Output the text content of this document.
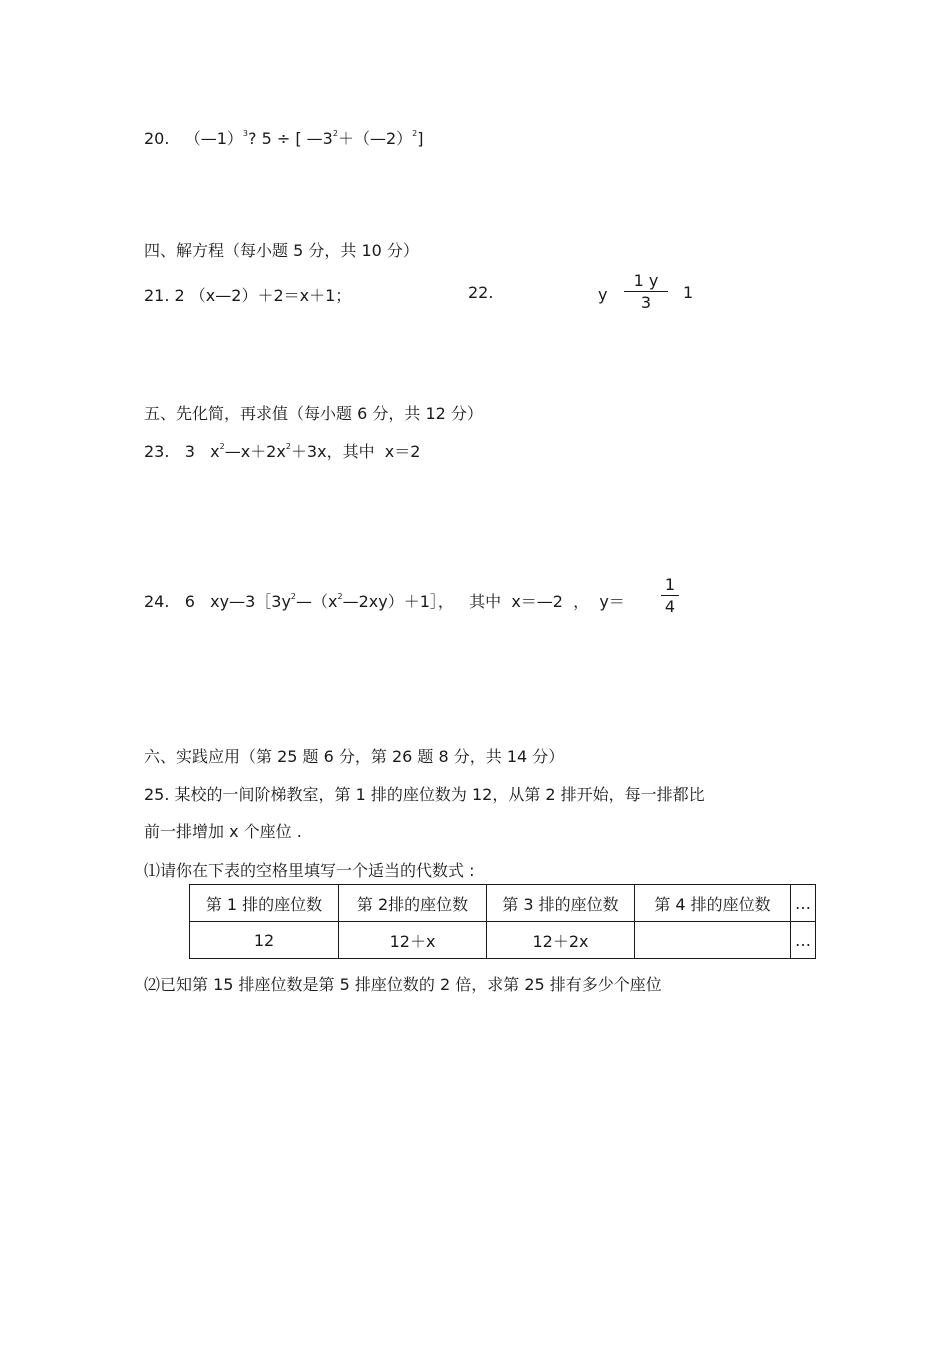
20. （—1）$^3$? 5 ÷ [ $—3^2+(—2)^2$]
四、解方程（每小题 5 分，共 10 分）
21. 2 （x—2）＋2＝x＋1；	22.	y
1 y
3
1
五、先化简，再求值（每小题 6 分，共 12 分）
23.   3   $x^2—x+2x^2+3x$，其中  x＝2
24.   6   $xy—3[3y^2—(x^2—2xy)+1]$，   其中  x＝—2  ，  y＝
1
4
六、实践应用（第 25 题 6 分，第 26 题 8 分，共 14 分）
25. 某校的一间阶梯教室，第 1 排的座位数为 12，从第 2 排开始，每一排都比
前一排增加 x 个座位 .
⑴请你在下表的空格里填写一个适当的代数式 :
第 1 排的座位数	第 2排的座位数	第 3 排的座位数	第 4 排的座位数	…
12	12＋x	12＋2x		…
⑵已知第 15 排座位数是第 5 排座位数的 2 倍，求第 25 排有多少个座位
